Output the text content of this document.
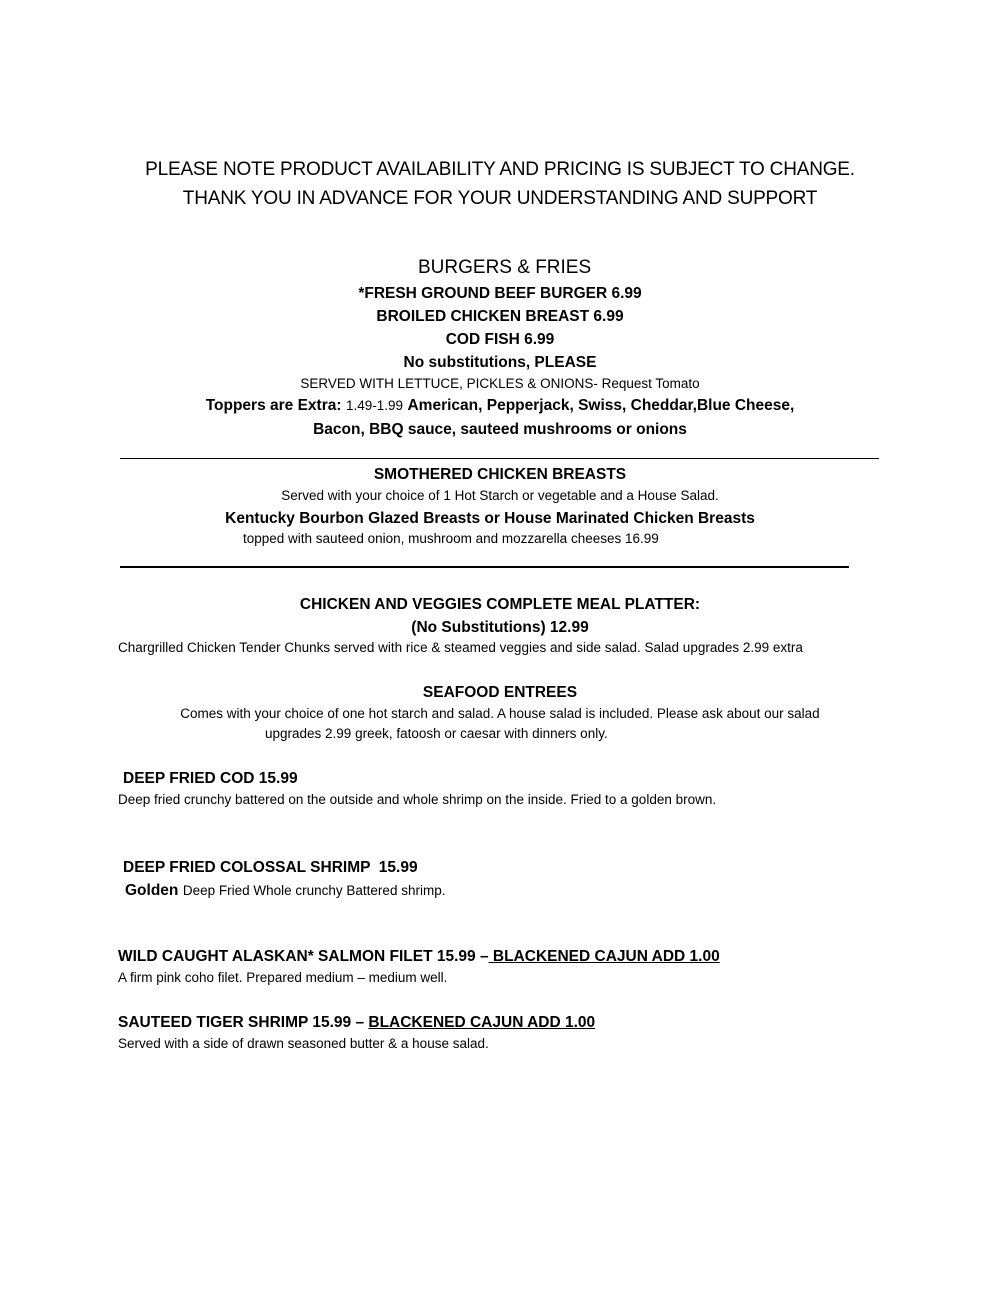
PLEASE NOTE PRODUCT AVAILABILITY AND PRICING IS SUBJECT TO CHANGE.
THANK YOU IN ADVANCE FOR YOUR UNDERSTANDING AND SUPPORT
BURGERS & FRIES
*FRESH GROUND BEEF BURGER 6.99
BROILED CHICKEN BREAST 6.99
COD FISH 6.99
No substitutions, PLEASE
SERVED WITH LETTUCE, PICKLES & ONIONS- Request Tomato
Toppers are Extra: 1.49-1.99 American, Pepperjack, Swiss, Cheddar,Blue Cheese,
Bacon, BBQ sauce, sauteed mushrooms or onions
SMOTHERED CHICKEN BREASTS
Served with your choice of 1 Hot Starch or vegetable and a House Salad.
Kentucky Bourbon Glazed Breasts or House Marinated Chicken Breasts
topped with sauteed onion, mushroom and mozzarella cheeses 16.99
CHICKEN AND VEGGIES COMPLETE MEAL PLATTER:
(No Substitutions) 12.99
Chargrilled Chicken Tender Chunks served with rice & steamed veggies and side salad. Salad upgrades 2.99 extra
SEAFOOD ENTREES
Comes with your choice of one hot starch and salad. A house salad is included. Please ask about our salad
upgrades 2.99 greek, fatoosh or caesar with dinners only.
DEEP FRIED COD 15.99
Deep fried crunchy battered on the outside and whole shrimp on the inside. Fried to a golden brown.
DEEP FRIED COLOSSAL SHRIMP  15.99
Golden Deep Fried Whole crunchy Battered shrimp.
WILD CAUGHT ALASKAN* SALMON FILET 15.99 – BLACKENED CAJUN ADD 1.00
A firm pink coho filet. Prepared medium – medium well.
SAUTEED TIGER SHRIMP 15.99 – BLACKENED CAJUN ADD 1.00
Served with a side of drawn seasoned butter & a house salad.
